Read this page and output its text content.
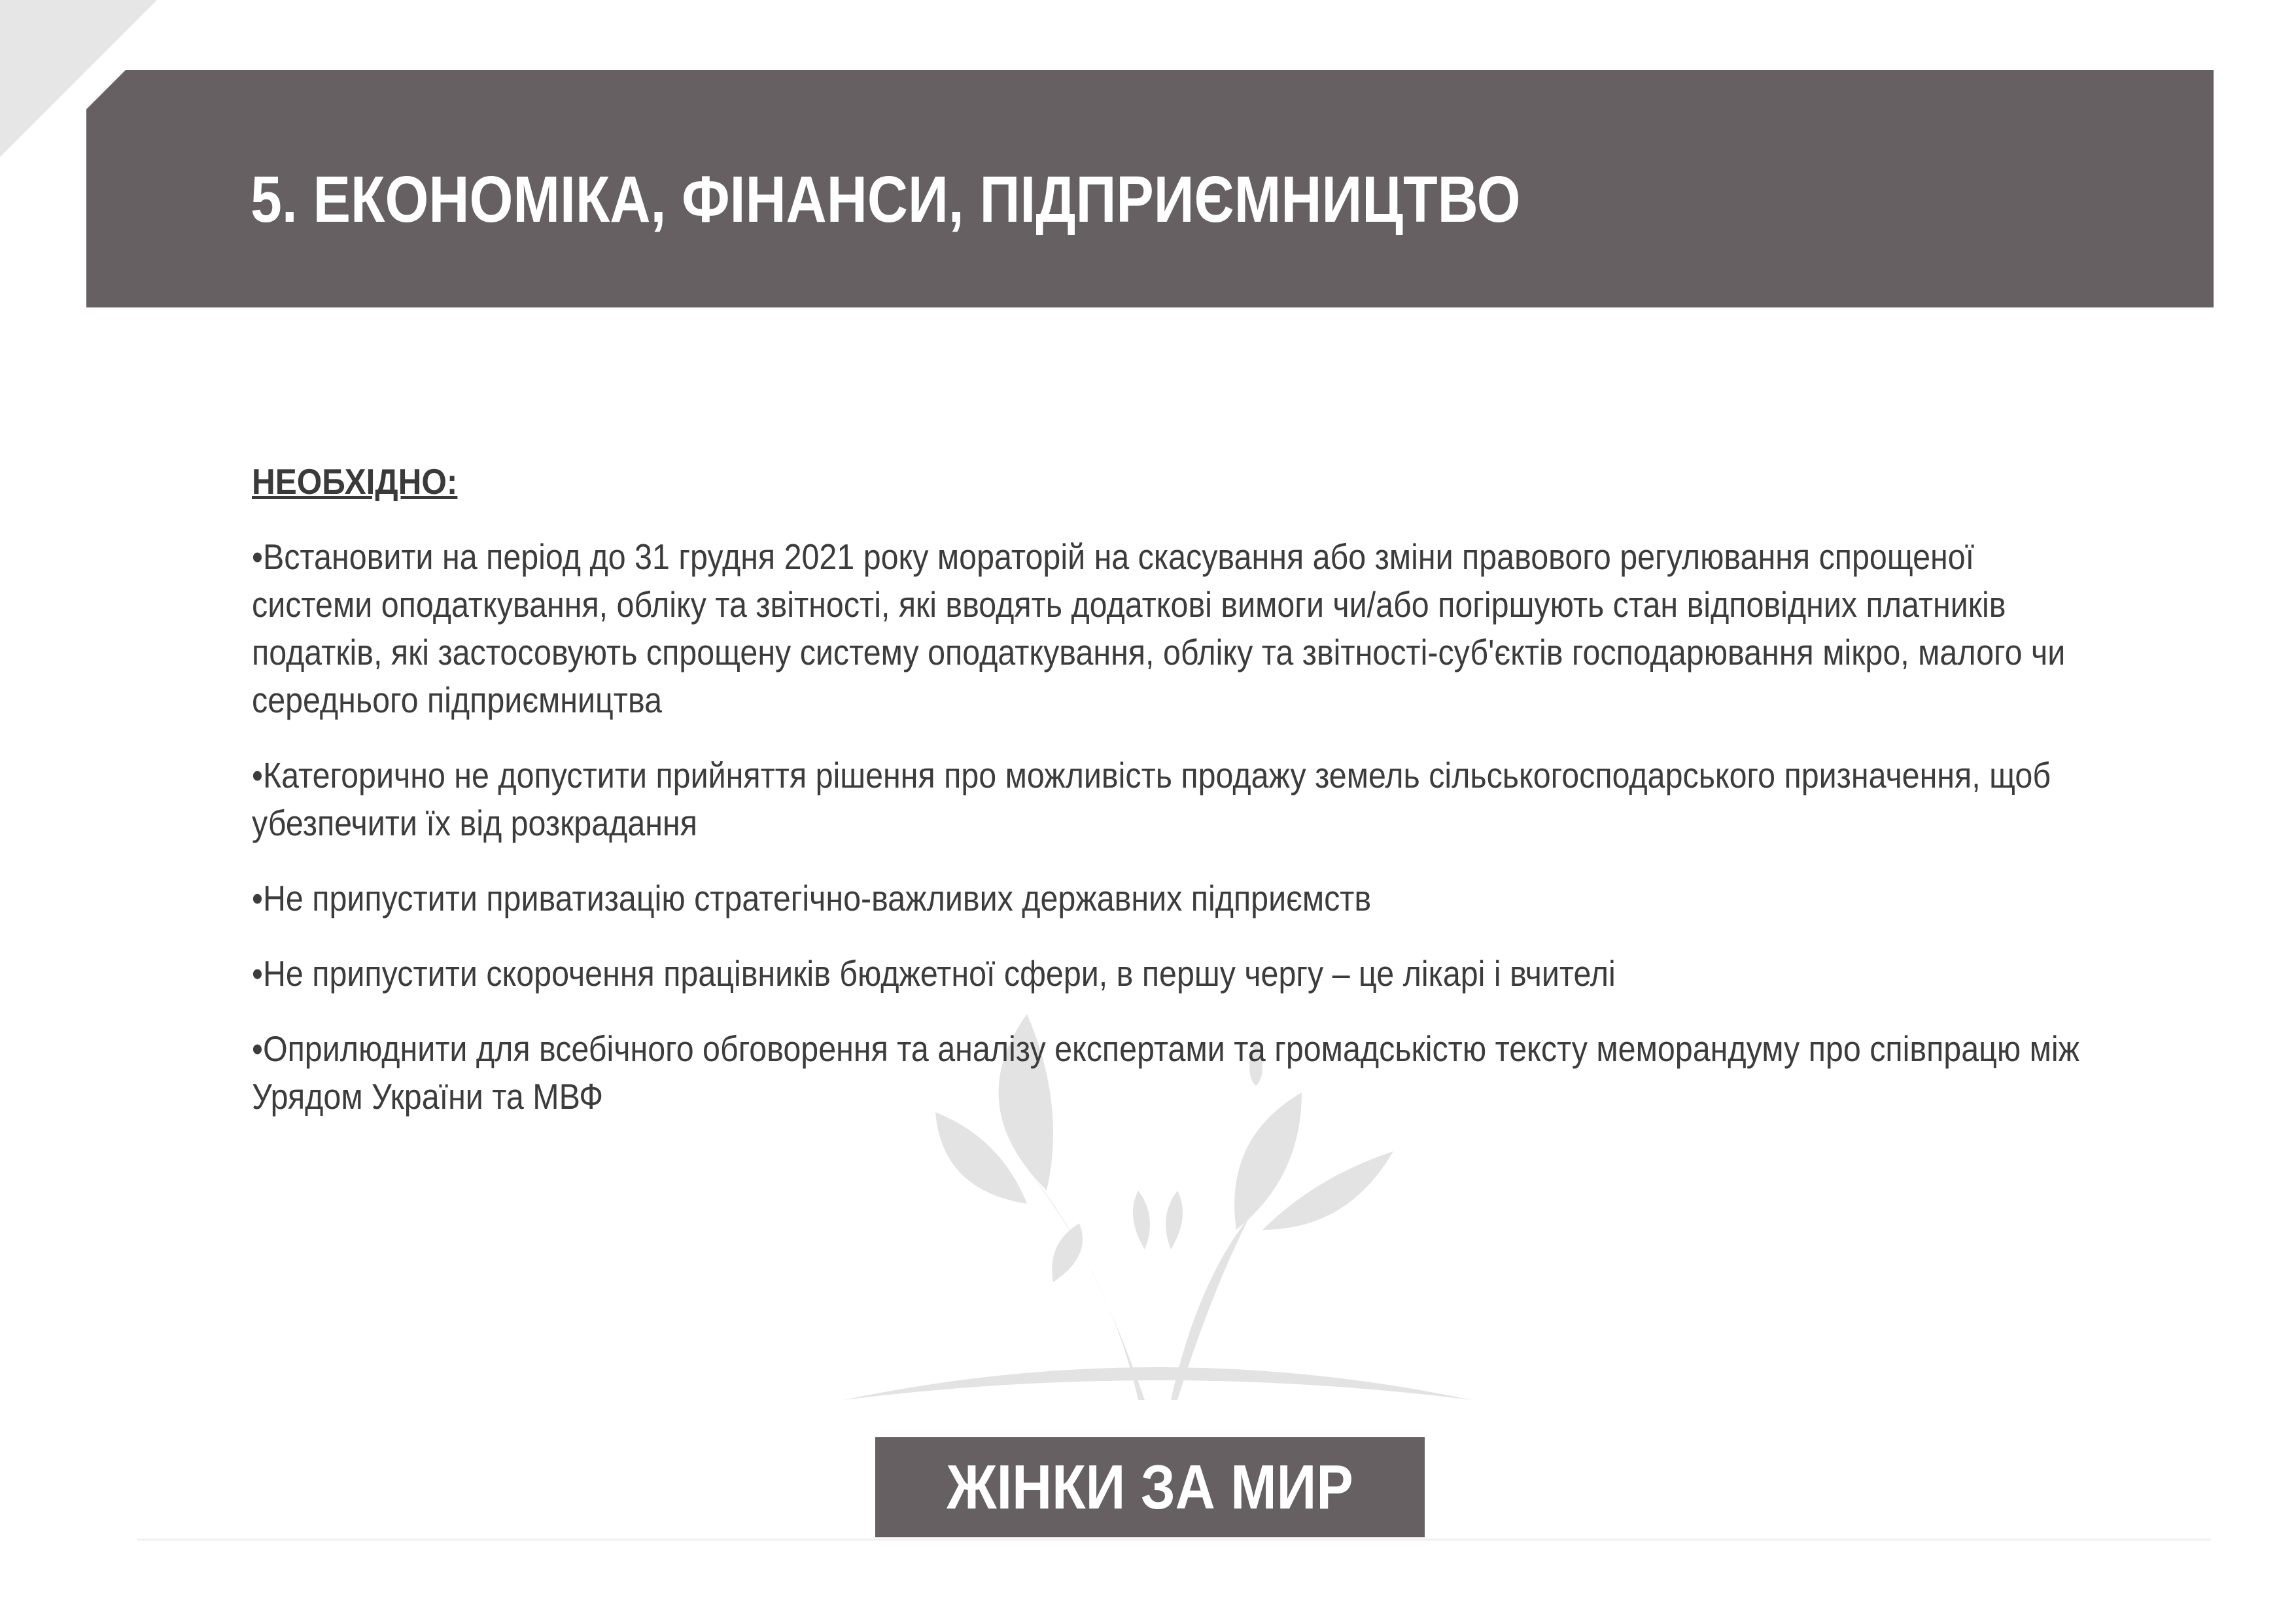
5. ЕКОНОМІКА, ФІНАНСИ, ПІДПРИЄМНИЦТВО
НЕОБХІДНО:
•Встановити на період до 31 грудня 2021 року мораторій на скасування або зміни правового регулювання спрощеної системи оподаткування, обліку та звітності, які вводять додаткові вимоги чи/або погіршують стан відповідних платників податків, які застосовують спрощену систему оподаткування, обліку та звітності-суб'єктів господарювання мікро, малого чи середнього підприємництва
•Категорично не допустити прийняття рішення про можливість продажу земель сільськогосподарського призначення, щоб убезпечити їх від розкрадання
•Не припустити приватизацію стратегічно-важливих державних підприємств
•Не припустити скорочення працівників бюджетної сфери, в першу чергу – це лікарі і вчителі
•Оприлюднити для всебічного обговорення та аналізу експертами та громадськістю тексту меморандуму про співпрацю між Урядом України та МВФ
ЖІНКИ ЗА МИР
